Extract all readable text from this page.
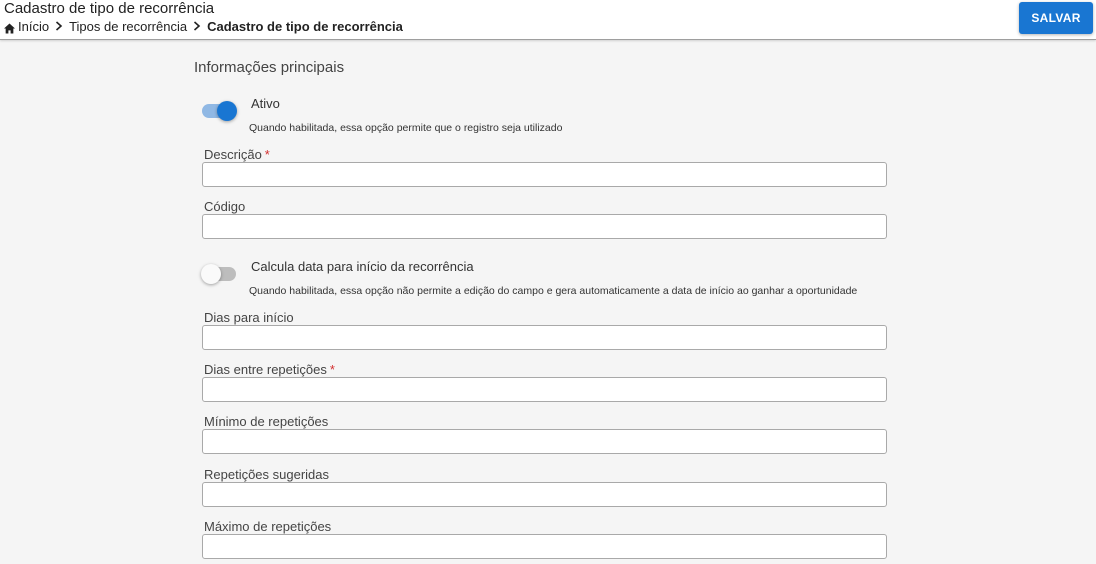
Cadastro de tipo de recorrência
Início Tipos de recorrência Cadastro de tipo de recorrência
SALVAR
Informações principais
Ativo
Quando habilitada, essa opção permite que o registro seja utilizado
Descrição *
Código
Calcula data para início da recorrência
Quando habilitada, essa opção não permite a edição do campo e gera automaticamente a data de início ao ganhar a oportunidade
Dias para início
Dias entre repetições *
Mínimo de repetições
Repetições sugeridas
Máximo de repetições
